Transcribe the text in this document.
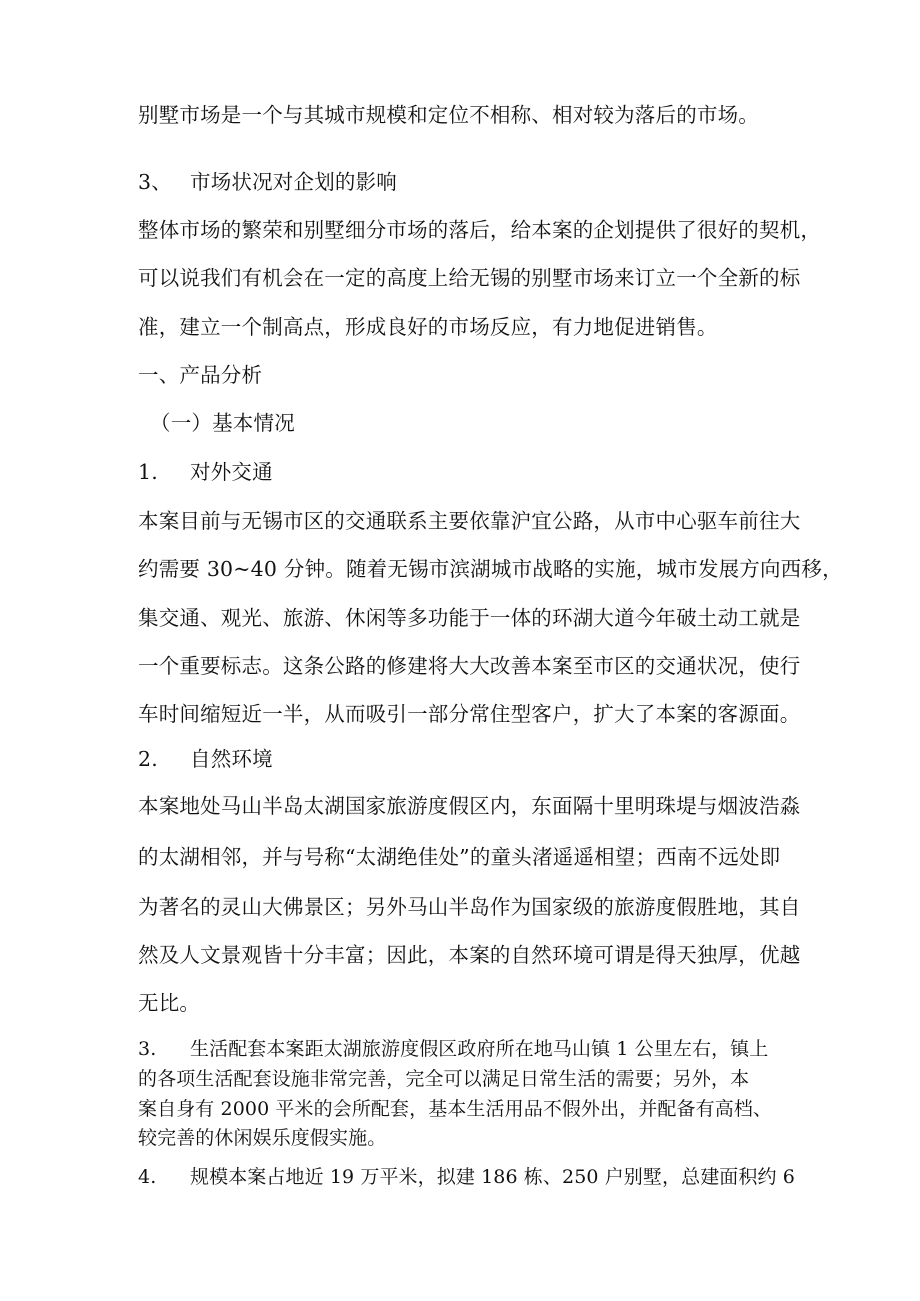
别墅市场是一个与其城市规模和定位不相称、相对较为落后的市场。
3、 市场状况对企划的影响
整体市场的繁荣和别墅细分市场的落后，给本案的企划提供了很好的契机，
可以说我们有机会在一定的高度上给无锡的别墅市场来订立一个全新的标
准，建立一个制高点，形成良好的市场反应，有力地促进销售。
一、产品分析
（一）基本情况
1. 对外交通
本案目前与无锡市区的交通联系主要依靠沪宜公路，从市中心驱车前往大
约需要 30~40 分钟。随着无锡市滨湖城市战略的实施，城市发展方向西移，
集交通、观光、旅游、休闲等多功能于一体的环湖大道今年破土动工就是
一个重要标志。这条公路的修建将大大改善本案至市区的交通状况，使行
车时间缩短近一半，从而吸引一部分常住型客户，扩大了本案的客源面。
2. 自然环境
本案地处马山半岛太湖国家旅游度假区内，东面隔十里明珠堤与烟波浩淼
的太湖相邻，并与号称“太湖绝佳处”的童头渚遥遥相望；西南不远处即
为著名的灵山大佛景区；另外马山半岛作为国家级的旅游度假胜地，其自
然及人文景观皆十分丰富；因此，本案的自然环境可谓是得天独厚，优越
无比。
3. 生活配套本案距太湖旅游度假区政府所在地马山镇 1 公里左右，镇上
的各项生活配套设施非常完善，完全可以满足日常生活的需要；另外，本
案自身有 2000 平米的会所配套，基本生活用品不假外出，并配备有高档、
较完善的休闲娱乐度假实施。
4. 规模本案占地近 19 万平米，拟建 186 栋、250 户别墅，总建面积约 6
